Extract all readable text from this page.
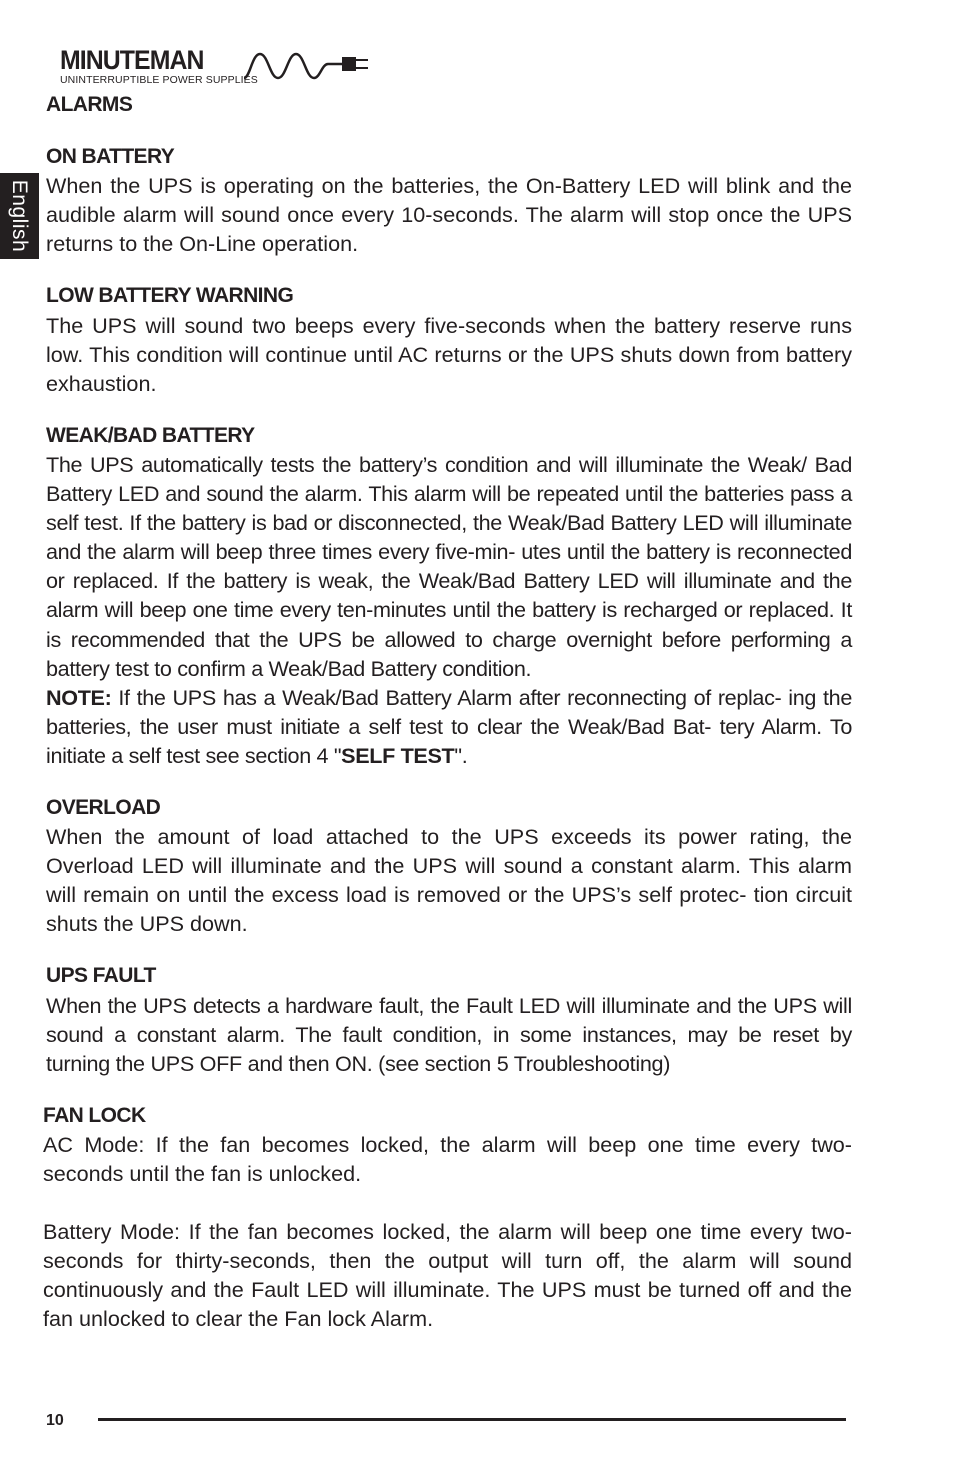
MINUTEMAN
UNINTERRUPTIBLE POWER SUPPLIES
English
ALARMS
ON BATTERY

When the UPS is operating on the batteries, the On-Battery LED will blink and the audible alarm will sound once every 10-seconds. The alarm will stop once the UPS returns to the On-Line operation.

LOW BATTERY WARNING

The UPS will sound two beeps every five-seconds when the battery reserve runs low. This condition will continue until AC returns or the UPS shuts down from battery exhaustion.

WEAK/BAD BATTERY

The UPS automatically tests the battery’s condition and will illuminate the Weak/ Bad Battery LED and sound the alarm. This alarm will be repeated until the batteries pass a self test. If the battery is bad or disconnected, the Weak/Bad Battery LED will illuminate and the alarm will beep three times every five-min- utes until the battery is reconnected or replaced. If the battery is weak, the Weak/Bad Battery LED will illuminate and the alarm will beep one time every ten-minutes until the battery is recharged or replaced. It is recommended that the UPS be allowed to charge overnight before performing a battery test to confirm a Weak/Bad Battery condition.

NOTE: If the UPS has a Weak/Bad Battery Alarm after reconnecting of replac- ing the batteries, the user must initiate a self test to clear the Weak/Bad Bat- tery Alarm. To initiate a self test see section 4 "SELF TEST".

OVERLOAD

When the amount of load attached to the UPS exceeds its power rating, the Overload LED will illuminate and the UPS will sound a constant alarm. This alarm will remain on until the excess load is removed or the UPS’s self protec- tion circuit shuts the UPS down.

UPS FAULT

When the UPS detects a hardware fault, the Fault LED will illuminate and the UPS will sound a constant alarm. The fault condition, in some instances, may be reset by turning the UPS OFF and then ON. (see section 5 Troubleshooting)

FAN LOCK

AC Mode: If the fan becomes locked, the alarm will beep one time every two- seconds until the fan is unlocked.

Battery Mode: If the fan becomes locked, the alarm will beep one time every two-seconds for thirty-seconds, then the output will turn off, the alarm will sound continuously and the Fault LED will illuminate. The UPS must be turned off and the fan unlocked to clear the Fan lock Alarm.

10
